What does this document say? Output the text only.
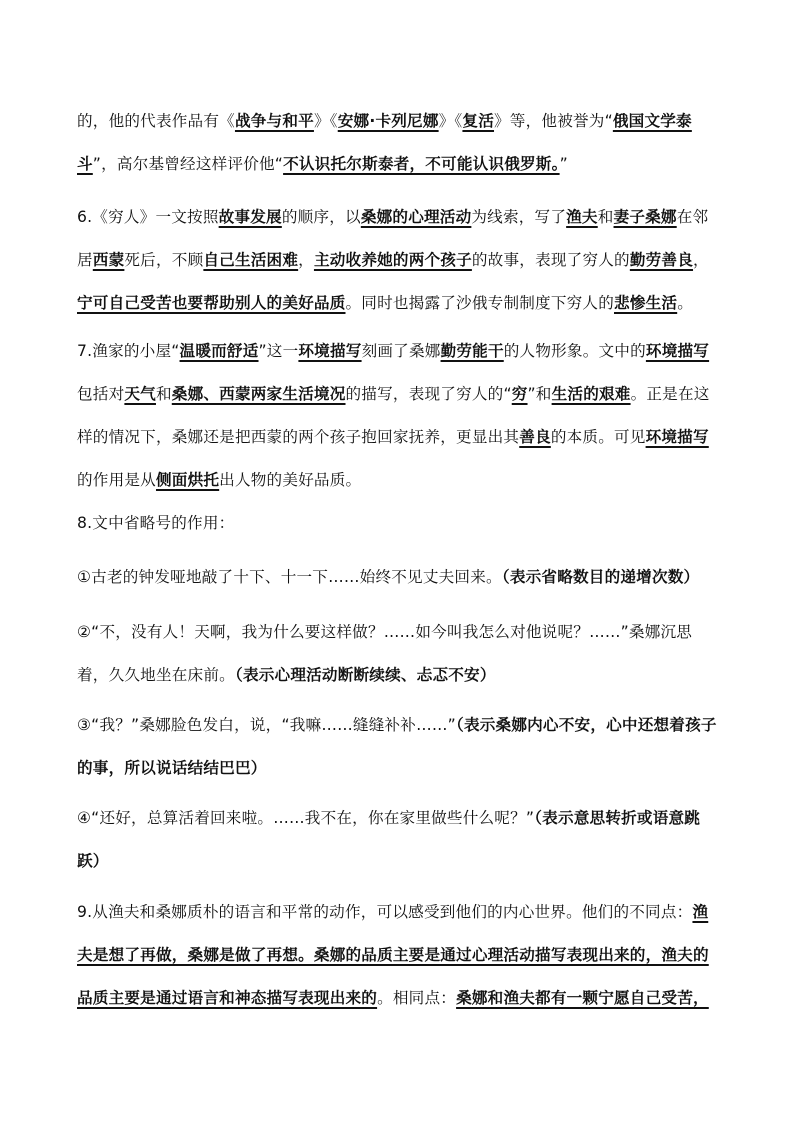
的，他的代表作品有《战争与和平》《安娜·卡列尼娜》《复活》等，他被誉为“俄国文学泰斗”，高尔基曾经这样评价他“不认识托尔斯泰者，不可能认识俄罗斯。”

6.《穷人》一文按照故事发展的顺序，以桑娜的心理活动为线索，写了渔夫和妻子桑娜在邻居西蒙死后，不顾自己生活困难，主动收养她的两个孩子的故事，表现了穷人的勤劳善良，宁可自己受苦也要帮助别人的美好品质。同时也揭露了沙俄专制制度下穷人的悲惨生活。

7.渔家的小屋“温暖而舒适”这一环境描写刻画了桑娜勤劳能干的人物形象。文中的环境描写包括对天气和桑娜、西蒙两家生活境况的描写，表现了穷人的“穷”和生活的艰难。正是在这样的情况下，桑娜还是把西蒙的两个孩子抱回家抚养，更显出其善良的本质。可见环境描写的作用是从侧面烘托出人物的美好品质。

8.文中省略号的作用：

①古老的钟发哑地敲了十下、十一下……始终不见丈夫回来。（表示省略数目的递增次数）

②“不，没有人！天啊，我为什么要这样做？……如今叫我怎么对他说呢？……”桑娜沉思着，久久地坐在床前。（表示心理活动断断续续、忐忑不安）

③“我？”桑娜脸色发白，说，“我嘛……缝缝补补……”（表示桑娜内心不安，心中还想着孩子的事，所以说话结结巴巴）

④“还好，总算活着回来啦。……我不在，你在家里做些什么呢？”（表示意思转折或语意跳跃）

9.从渔夫和桑娜质朴的语言和平常的动作，可以感受到他们的内心世界。他们的不同点：渔夫是想了再做，桑娜是做了再想。桑娜的品质主要是通过心理活动描写表现出来的，渔夫的品质主要是通过语言和神态描写表现出来的。相同点：桑娜和渔夫都有一颗宁愿自己受苦，
